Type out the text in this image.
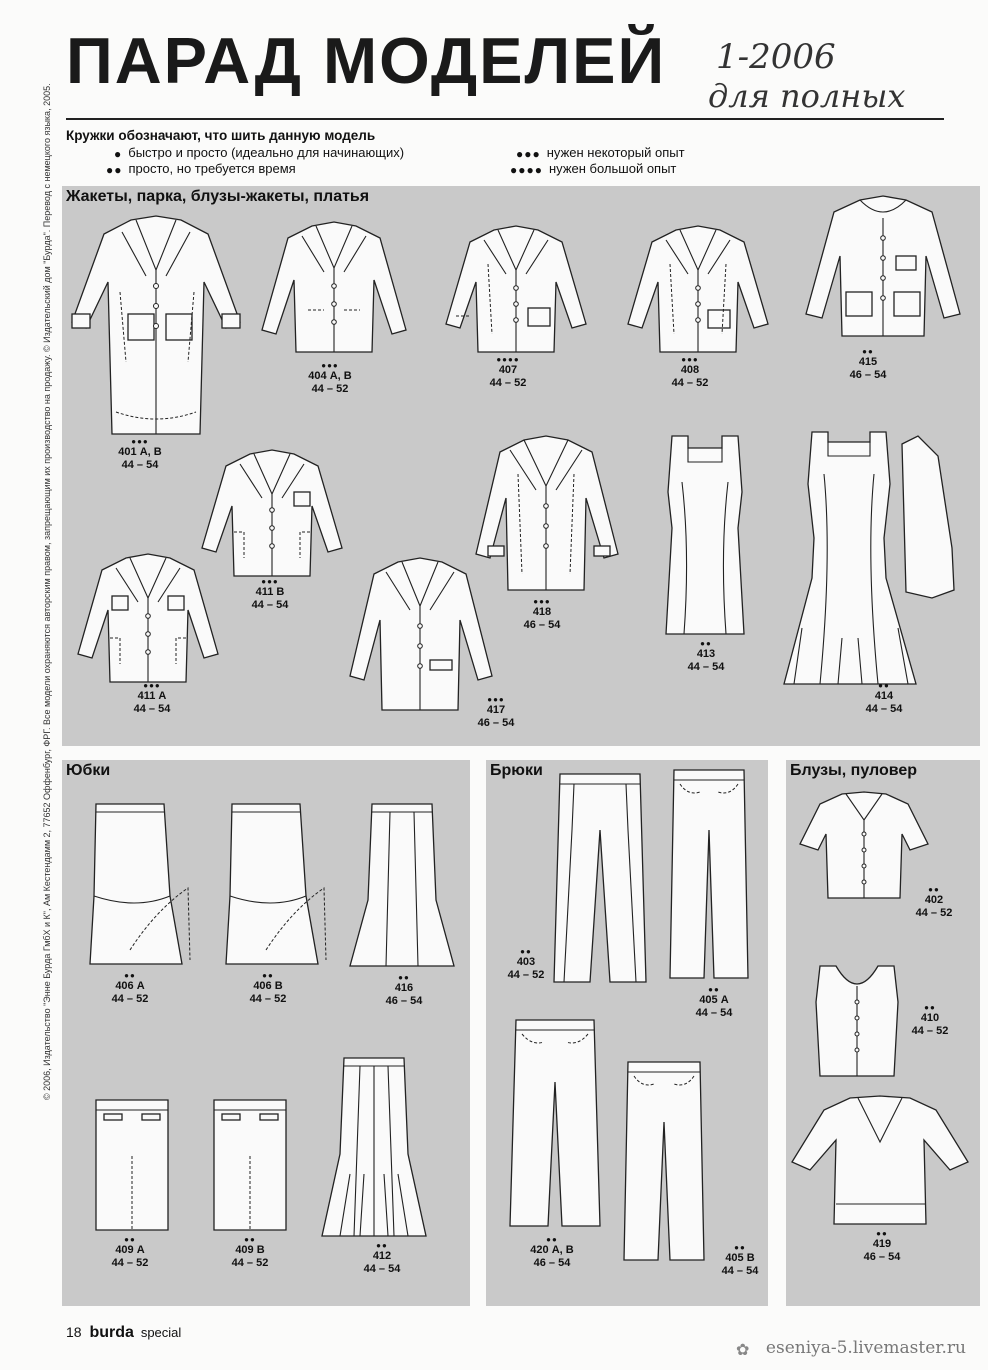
ПАРАД МОДЕЛЕЙ 1-2006
для полных
© 2006, Издательство "Энне Бурда ГмбХ и К", Ам Кестендамм 2, 77652 Оффенбург, ФРГ. Все модели охраняются авторским правом, запрещающим их производство на продажу. © Издательский дом "Бурда". Перевод с немецкого языка, 2005. Кружки обозначают, что шить данную модель
● быстро и просто (идеально для начинающих)
●● просто, но требуется время
●●● нужен некоторый опыт
●●●● нужен большой опыт
Жакеты, парка, блузы-жакеты, платья
Юбки	Брюки	Блузы, пуловер
●●●
401 А, В
44 – 54
●●●
404 А, В
44 – 52
●●●●
407
44 – 52
●●●
408
44 – 52
●●
415
46 – 54
●●●
411 В
44 – 54
●●●
411 А
44 – 54
●●●
418
46 – 54
●●●
417
46 – 54
●●
413
44 – 54
●●
414
44 – 54
●●
406 А
44 – 52
●●
406 В
44 – 52
●●
416
46 – 54
●●
409 А
44 – 52
●●
409 В
44 – 52
●●
412
44 – 54
●●
403
44 – 52
●●
405 А
44 – 54
●●
420 А, В
46 – 54
●●
405 В
44 – 54
●●
402
44 – 52
●●
410
44 – 52
●●
419
46 – 54
18 burda special
✿ eseniya-5.livemaster.ru
